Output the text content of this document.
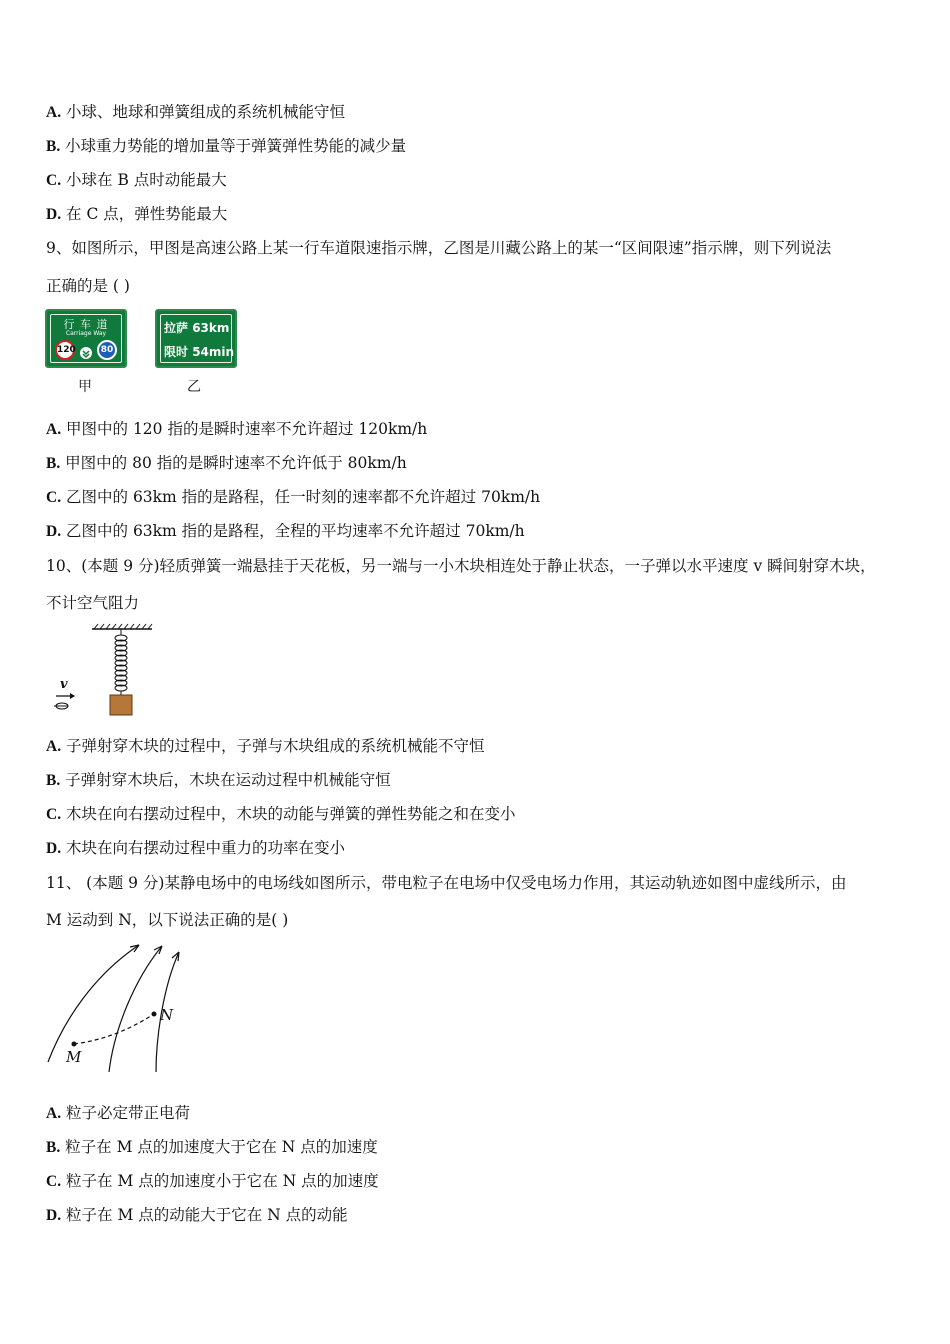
A. 小球、地球和弹簧组成的系统机械能守恒
B. 小球重力势能的增加量等于弹簧弹性势能的减少量
C. 小球在 B 点时动能最大
D. 在 C 点，弹性势能最大
9、如图所示，甲图是高速公路上某一行车道限速指示牌，乙图是川藏公路上的某一“区间限速”指示牌，则下列说法
正确的是 ( )
行 车 道
Carriage Way
120	80
甲
拉萨 63km
限时 54min
乙
A. 甲图中的 120 指的是瞬时速率不允许超过 120km/h
B. 甲图中的 80 指的是瞬时速率不允许低于 80km/h
C. 乙图中的 63km 指的是路程，任一时刻的速率都不允许超过 70km/h
D. 乙图中的 63km 指的是路程，全程的平均速率不允许超过 70km/h
10、(本题 9 分)轻质弹簧一端悬挂于天花板，另一端与一小木块相连处于静止状态，一子弹以水平速度 v 瞬间射穿木块，
不计空气阻力
v
A. 子弹射穿木块的过程中，子弹与木块组成的系统机械能不守恒
B. 子弹射穿木块后，木块在运动过程中机械能守恒
C. 木块在向右摆动过程中，木块的动能与弹簧的弹性势能之和在变小
D. 木块在向右摆动过程中重力的功率在变小
11、 (本题 9 分)某静电场中的电场线如图所示，带电粒子在电场中仅受电场力作用，其运动轨迹如图中虚线所示，由
M 运动到 N，以下说法正确的是( )
M
N
A. 粒子必定带正电荷
B. 粒子在 M 点的加速度大于它在 N 点的加速度
C. 粒子在 M 点的加速度小于它在 N 点的加速度
D. 粒子在 M 点的动能大于它在 N 点的动能
